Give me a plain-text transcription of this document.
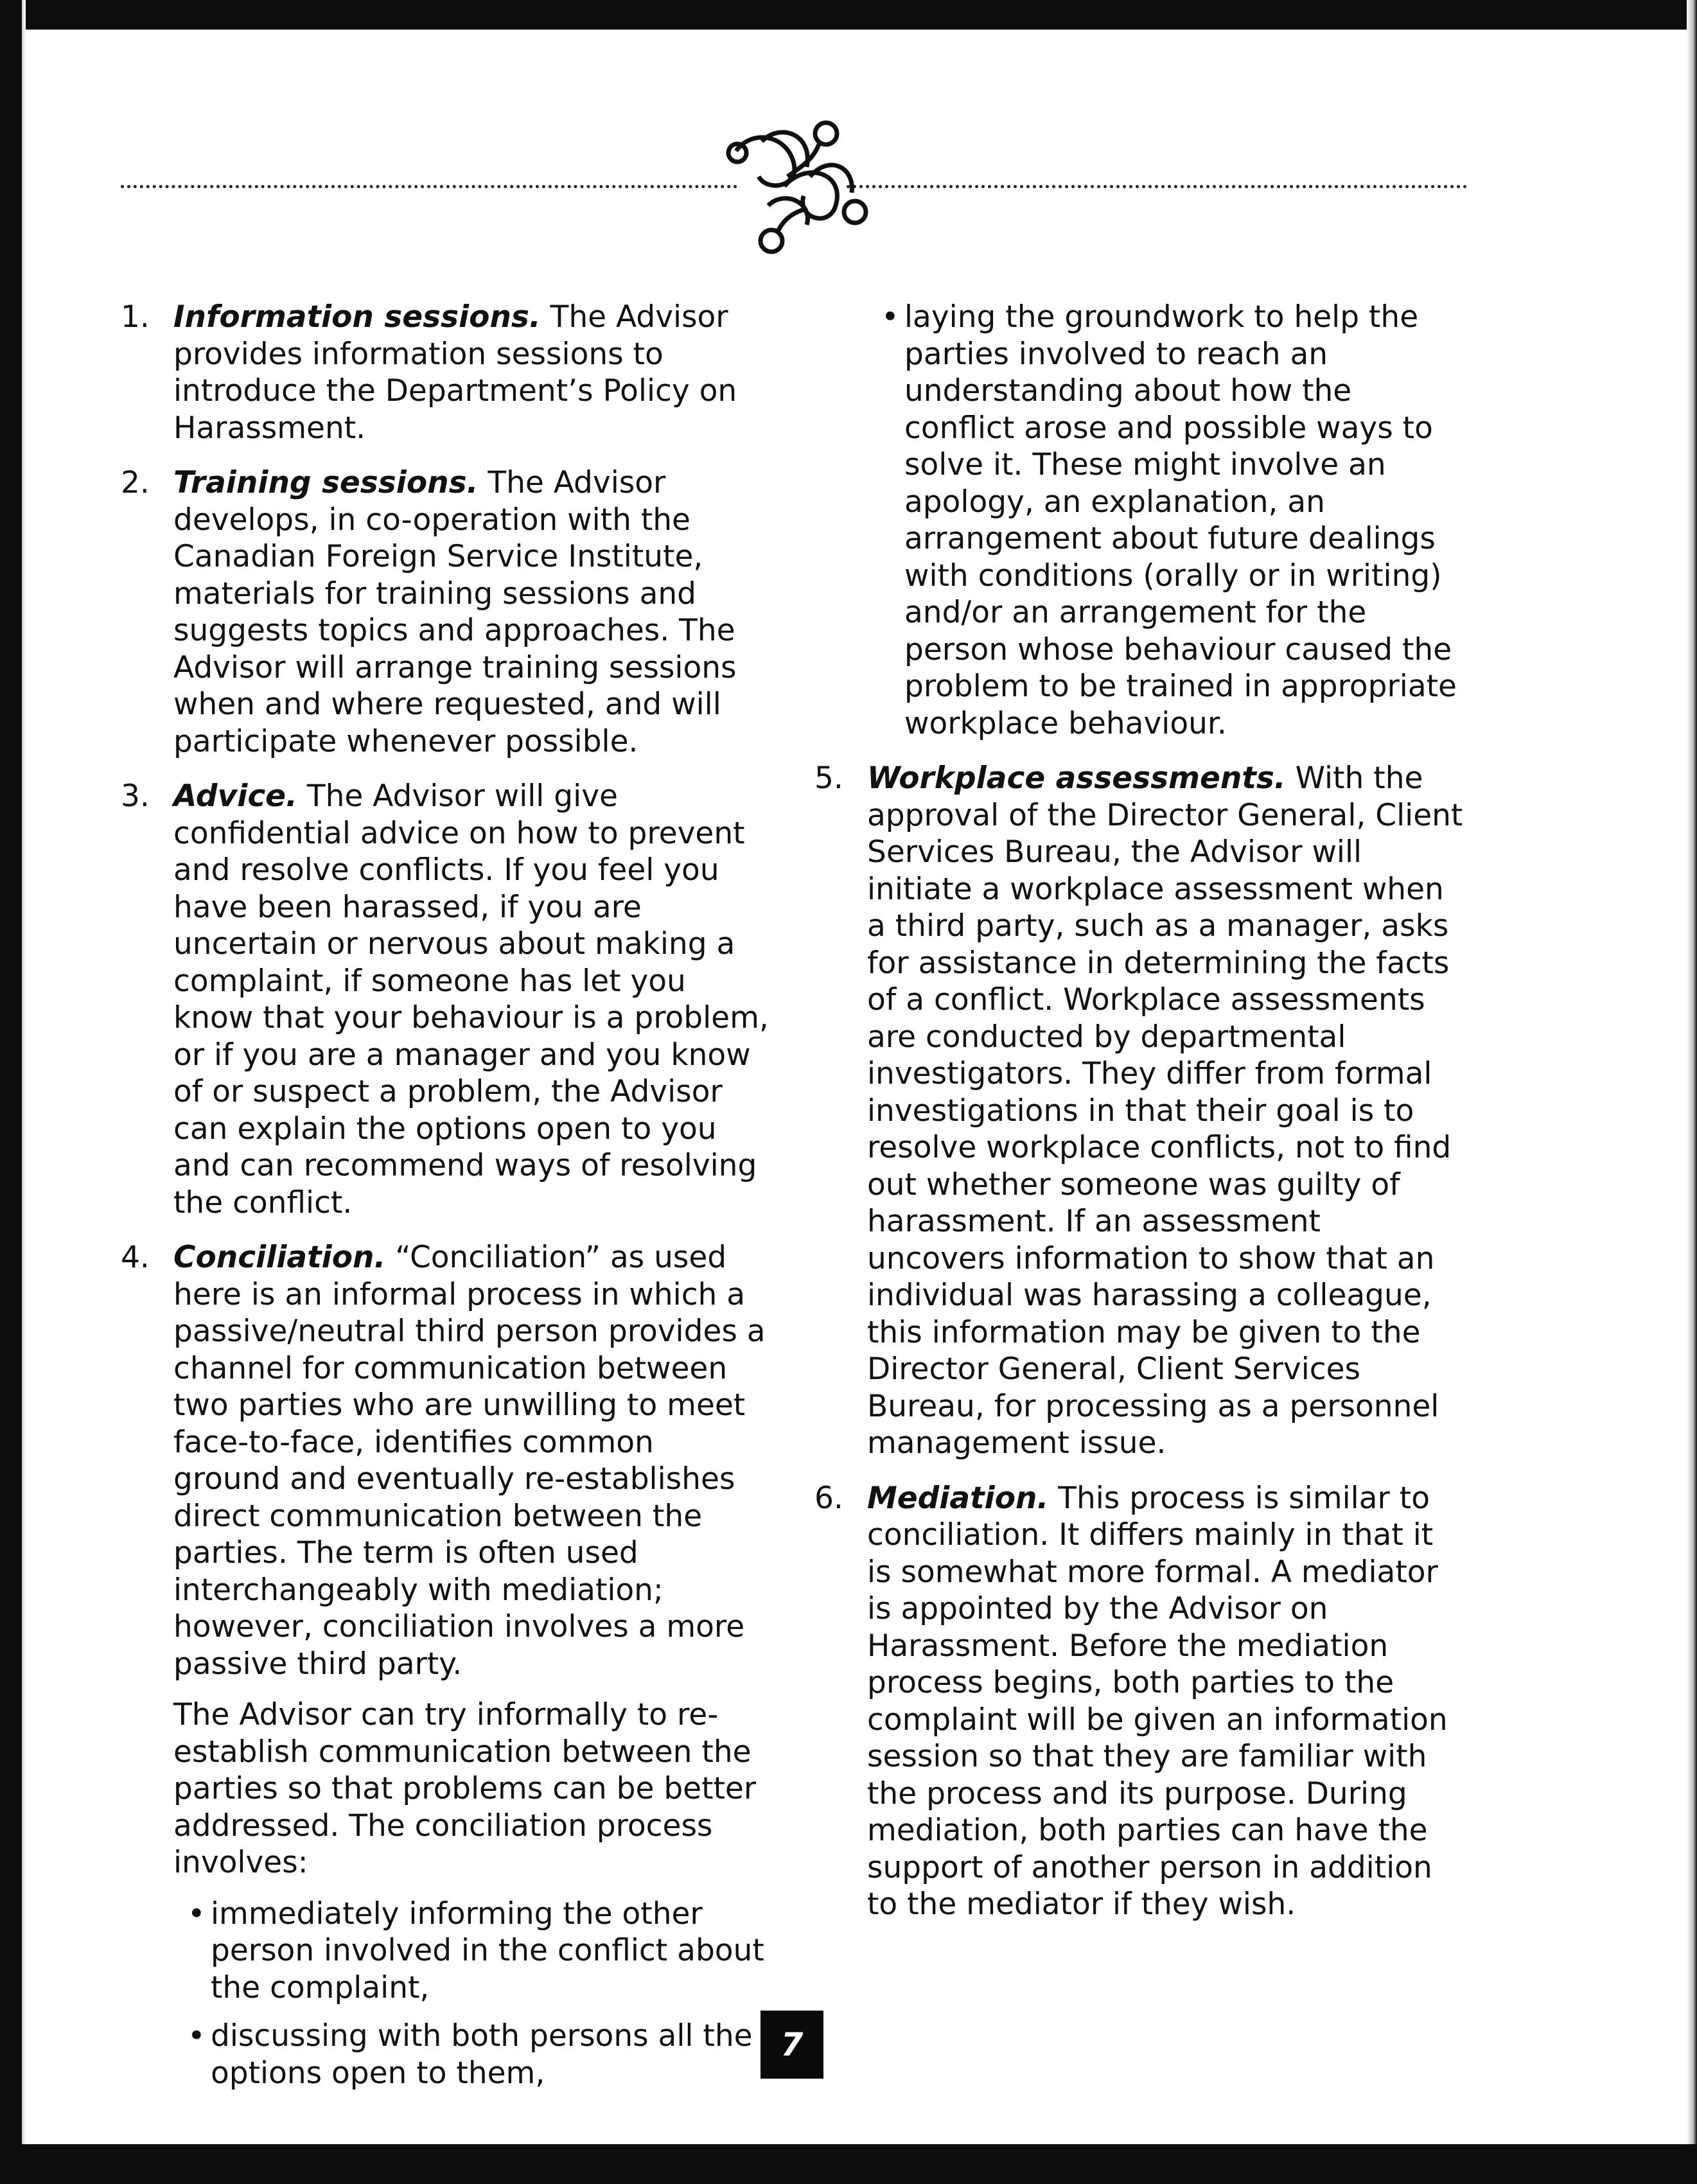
1. Information sessions. The Advisor provides information sessions to introduce the Department’s Policy on Harassment.
2. Training sessions. The Advisor develops, in co-operation with the Canadian Foreign Service Institute, materials for training sessions and suggests topics and approaches. The Advisor will arrange training sessions when and where requested, and will participate whenever possible.
3. Advice. The Advisor will give confidential advice on how to prevent and resolve conflicts. If you feel you have been harassed, if you are uncertain or nervous about making a complaint, if someone has let you know that your behaviour is a problem, or if you are a manager and you know of or suspect a problem, the Advisor can explain the options open to you and can recommend ways of resolving the conflict.
4. Conciliation. “Conciliation” as used here is an informal process in which a passive/neutral third person provides a channel for communication between two parties who are unwilling to meet face-to-face, identifies common ground and eventually re-establishes direct communication between the parties. The term is often used interchangeably with mediation; however, conciliation involves a more passive third party.

The Advisor can try informally to re-establish communication between the parties so that problems can be better addressed. The conciliation process involves:

• immediately informing the other person involved in the conflict about the complaint,
• discussing with both persons all the options open to them,
• laying the groundwork to help the parties involved to reach an understanding about how the conflict arose and possible ways to solve it. These might involve an apology, an explanation, an arrangement about future dealings with conditions (orally or in writing) and/or an arrangement for the person whose behaviour caused the problem to be trained in appropriate workplace behaviour.
5. Workplace assessments. With the approval of the Director General, Client Services Bureau, the Advisor will initiate a workplace assessment when a third party, such as a manager, asks for assistance in determining the facts of a conflict. Workplace assessments are conducted by departmental investigators. They differ from formal investigations in that their goal is to resolve workplace conflicts, not to find out whether someone was guilty of harassment. If an assessment uncovers information to show that an individual was harassing a colleague, this information may be given to the Director General, Client Services Bureau, for processing as a personnel management issue.
6. Mediation. This process is similar to conciliation. It differs mainly in that it is somewhat more formal. A mediator is appointed by the Advisor on Harassment. Before the mediation process begins, both parties to the complaint will be given an information session so that they are familiar with the process and its purpose. During mediation, both parties can have the support of another person in addition to the mediator if they wish.
7
